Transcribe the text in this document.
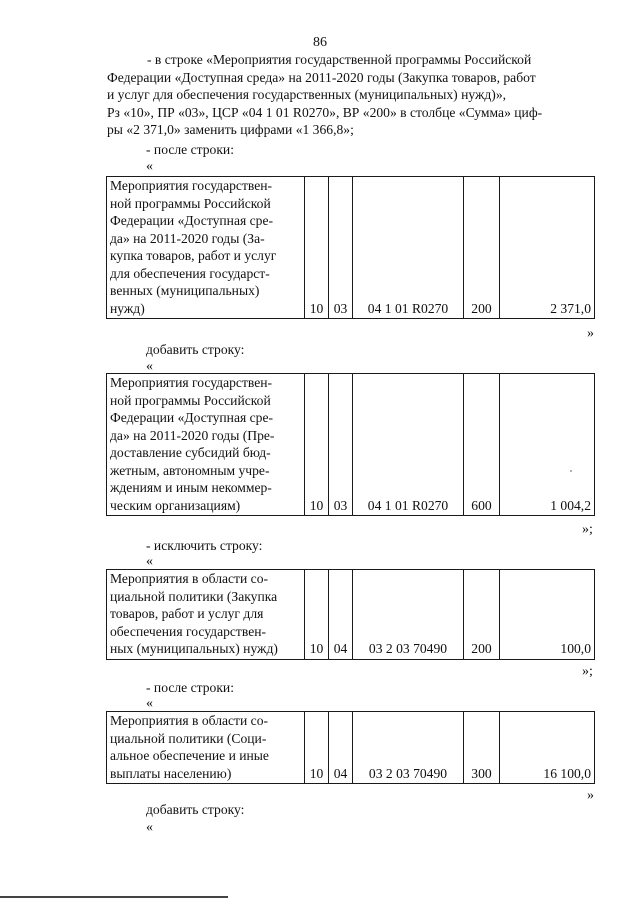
86

- в строке «Мероприятия государственной программы Российской

Федерации «Доступная среда» на 2011-2020 годы (Закупка товаров, работ

и услуг для обеспечения государственных (муниципальных) нужд)»,

Рз «10», ПР «03», ЦСР «04 1 01 R0270», ВР «200» в столбце «Сумма» циф-

ры «2 371,0» заменить цифрами «1 366,8»;

- после строки:
«
Мероприятия государствен-
ной программы Российской
Федерации «Доступная сре-
да» на 2011-2020 годы (За-
купка товаров, работ и услуг
для обеспечения государст-
венных (муниципальных)
нужд)	10	03	04 1 01 R0270	200	2 371,0
»
добавить строку:
«
Мероприятия государствен-
ной программы Российской
Федерации «Доступная сре-
да» на 2011-2020 годы (Пре-
доставление субсидий бюд-
жетным, автономным учре-
ждениям и иным некоммер-
ческим организациям)	10	03	04 1 01 R0270	600	1 004,2
»;
- исключить строку:
«
Мероприятия в области со-
циальной политики (Закупка
товаров, работ и услуг для
обеспечения государствен-
ных (муниципальных) нужд)	10	04	03 2 03 70490	200	100,0
»;
- после строки:
«
Мероприятия в области со-
циальной политики (Соци-
альное обеспечение и иные
выплаты населению)	10	04	03 2 03 70490	300	16 100,0
»
добавить строку:
«
